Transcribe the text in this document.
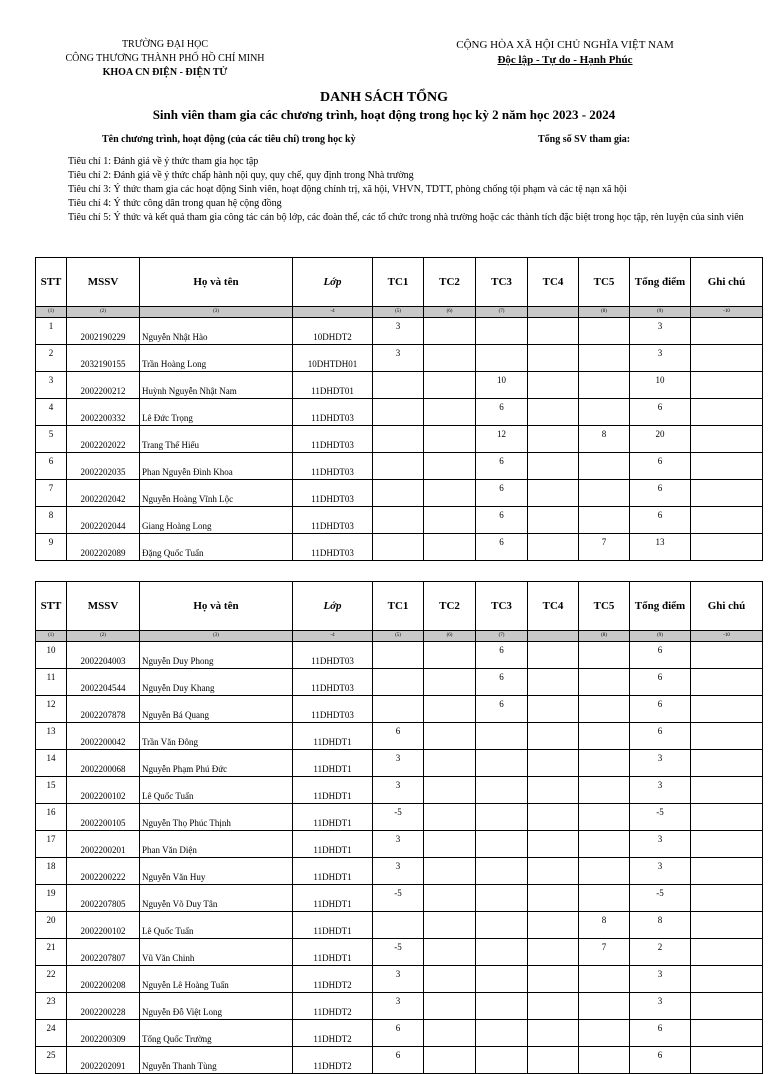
TRƯỜNG ĐẠI HỌC
CÔNG THƯƠNG THÀNH PHỐ HỒ CHÍ MINH
KHOA CN ĐIỆN - ĐIỆN TỬ
CỘNG HÒA XÃ HỘI CHỦ NGHĨA VIỆT NAM
Độc lập - Tự do - Hạnh Phúc
DANH SÁCH TỔNG
Sinh viên tham gia các chương trình, hoạt động trong học kỳ 2 năm học 2023 - 2024
Tên chương trình, hoạt động (của các tiêu chí) trong học kỳ	Tổng số SV tham gia:
Tiêu chí 1: Đánh giá về ý thức tham gia học tập
Tiêu chí 2: Đánh giá về ý thức chấp hành nội quy, quy chế, quy định trong Nhà trường
Tiêu chí 3: Ý thức tham gia các hoạt động Sinh viên, hoạt động chính trị, xã hội, VHVN, TDTT, phòng chống tội phạm và các tệ nạn xã hội
Tiêu chí 4: Ý thức công dân trong quan hệ cộng đồng
Tiêu chí 5: Ý thức và kết quả tham gia công tác cán bộ lớp, các đoàn thể, các tổ chức trong nhà trường hoặc các thành tích đặc biệt trong học tập, rèn luyện của sinh viên
STT	MSSV	Họ và tên	Lớp	TC1	TC2	TC3	TC4	TC5	Tổng điểm	Ghi chú
(1)	(2)	(3)	-4	(5)	(6)	(7)		(8)	(9)	-10
1	2002190229	Nguyễn Nhật Hào	10DHDT2	3					3	
2	2032190155	Trần Hoàng Long	10DHTDH01	3					3	
3	2002200212	Huỳnh Nguyễn Nhật Nam	11DHDT01			10			10	
4	2002200332	Lê Đức Trọng	11DHDT03			6			6	
5	2002202022	Trang Thế Hiếu	11DHDT03			12		8	20	
6	2002202035	Phan Nguyễn Đình Khoa	11DHDT03			6			6	
7	2002202042	Nguyễn Hoàng Vĩnh Lộc	11DHDT03			6			6	
8	2002202044	Giang Hoàng Long	11DHDT03			6			6	
9	2002202089	Đặng Quốc Tuấn	11DHDT03			6		7	13	
STT	MSSV	Họ và tên	Lớp	TC1	TC2	TC3	TC4	TC5	Tổng điểm	Ghi chú
(1)	(2)	(3)	-4	(5)	(6)	(7)		(8)	(9)	-10
10	2002204003	Nguyễn Duy Phong	11DHDT03			6			6	
11	2002204544	Nguyễn Duy Khang	11DHDT03			6			6	
12	2002207878	Nguyễn Bá Quang	11DHDT03			6			6	
13	2002200042	Trần Văn Đông	11DHDT1	6					6	
14	2002200068	Nguyễn Phạm Phú Đức	11DHDT1	3					3	
15	2002200102	Lê Quốc Tuấn	11DHDT1	3					3	
16	2002200105	Nguyễn Thọ Phúc Thịnh	11DHDT1	-5					-5	
17	2002200201	Phan Văn Diện	11DHDT1	3					3	
18	2002200222	Nguyễn Văn Huy	11DHDT1	3					3	
19	2002207805	Nguyễn Võ Duy Tân	11DHDT1	-5					-5	
20	2002200102	Lê Quốc Tuấn	11DHDT1					8	8	
21	2002207807	Vũ Văn Chinh	11DHDT1	-5				7	2	
22	2002200208	Nguyễn Lê Hoàng Tuấn	11DHDT2	3					3	
23	2002200228	Nguyễn Đỗ Việt Long	11DHDT2	3					3	
24	2002200309	Tống Quốc Trường	11DHDT2	6					6	
25	2002202091	Nguyễn Thanh Tùng	11DHDT2	6					6	
